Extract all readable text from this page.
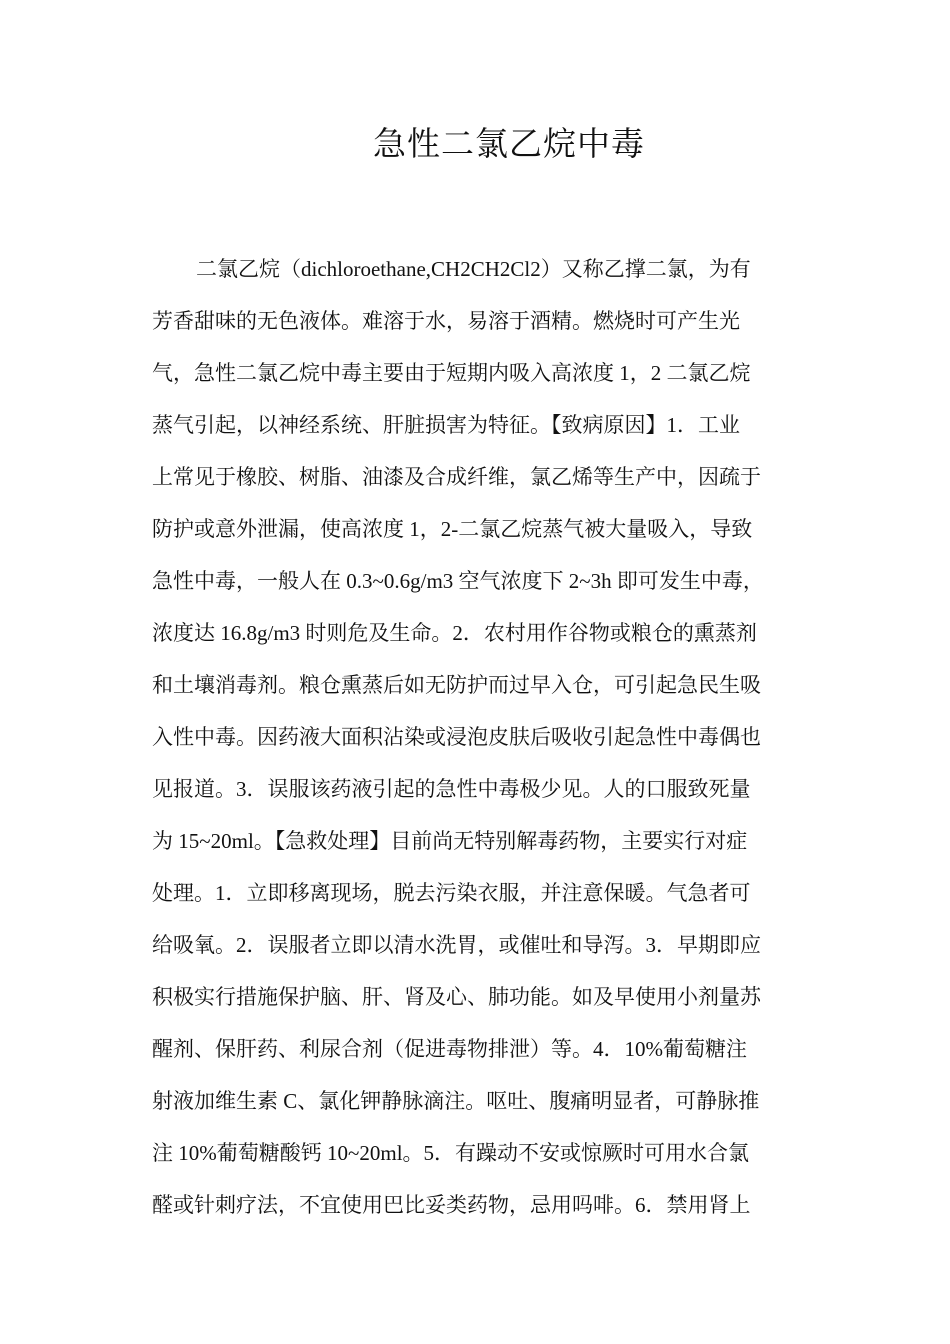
急性二氯乙烷中毒
二氯乙烷（dichloroethane,CH2CH2Cl2）又称乙撑二氯，为有
芳香甜味的无色液体。难溶于水，易溶于酒精。燃烧时可产生光
气，急性二氯乙烷中毒主要由于短期内吸入高浓度 1，2 二氯乙烷
蒸气引起，以神经系统、肝脏损害为特征。【致病原因】1．工业
上常见于橡胶、树脂、油漆及合成纤维，氯乙烯等生产中，因疏于
防护或意外泄漏，使高浓度 1，2-二氯乙烷蒸气被大量吸入，导致
急性中毒，一般人在 0.3~0.6g/m3 空气浓度下 2~3h 即可发生中毒，
浓度达 16.8g/m3 时则危及生命。2．农村用作谷物或粮仓的熏蒸剂
和土壤消毒剂。粮仓熏蒸后如无防护而过早入仓，可引起急民生吸
入性中毒。因药液大面积沾染或浸泡皮肤后吸收引起急性中毒偶也
见报道。3．误服该药液引起的急性中毒极少见。人的口服致死量
为 15~20ml。【急救处理】目前尚无特别解毒药物，主要实行对症
处理。1．立即移离现场，脱去污染衣服，并注意保暖。气急者可
给吸氧。2．误服者立即以清水洗胃，或催吐和导泻。3．早期即应
积极实行措施保护脑、肝、肾及心、肺功能。如及早使用小剂量苏
醒剂、保肝药、利尿合剂（促进毒物排泄）等。4．10%葡萄糖注
射液加维生素 C、氯化钾静脉滴注。呕吐、腹痛明显者，可静脉推
注 10%葡萄糖酸钙 10~20ml。5．有躁动不安或惊厥时可用水合氯
醛或针刺疗法，不宜使用巴比妥类药物，忌用吗啡。6．禁用肾上
